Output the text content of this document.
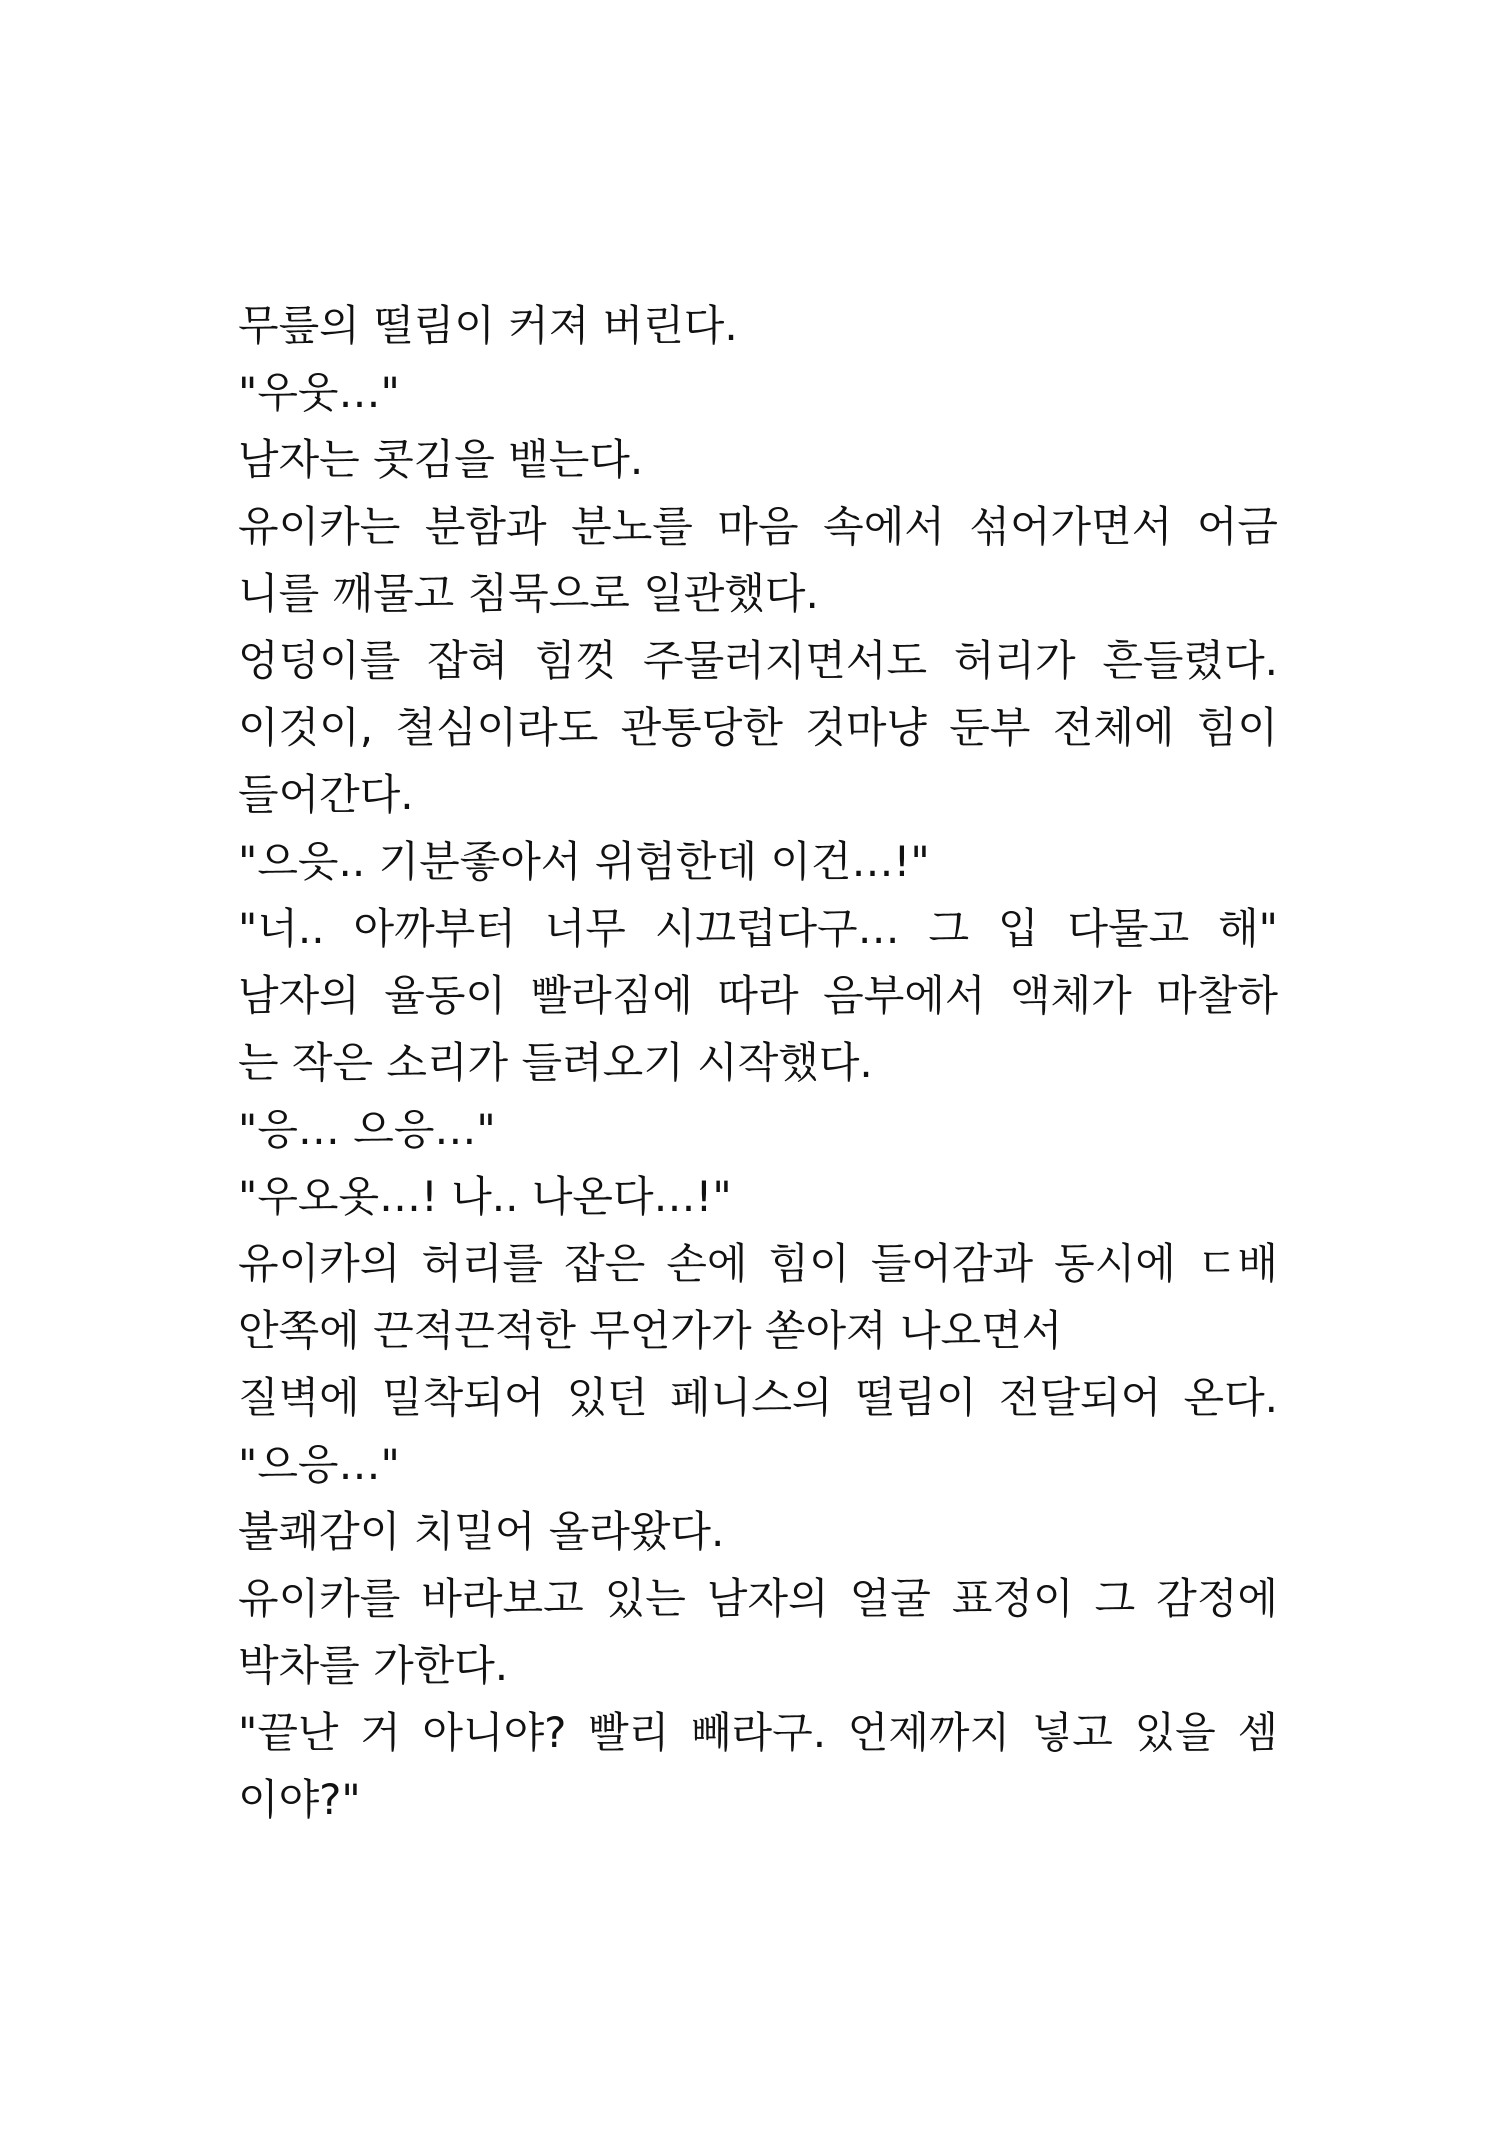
무릎의 떨림이 커져 버린다.
"우웃…"
남자는 콧김을 뱉는다.
유이카는 분함과 분노를 마음 속에서 섞어가면서 어금
니를 깨물고 침묵으로 일관했다.
엉덩이를 잡혀 힘껏 주물러지면서도 허리가 흔들렸다.
이것이, 철심이라도 관통당한 것마냥 둔부 전체에 힘이
들어간다.
"으읏.. 기분좋아서 위험한데 이건…!"
"너.. 아까부터 너무 시끄럽다구… 그 입 다물고 해"
남자의 율동이 빨라짐에 따라 음부에서 액체가 마찰하
는 작은 소리가 들려오기 시작했다.
"응… 으응…"
"우오옷…! 나.. 나온다…!"
유이카의 허리를 잡은 손에 힘이 들어감과 동시에 ㄷ배
안쪽에 끈적끈적한 무언가가 쏟아져 나오면서
질벽에 밀착되어 있던 페니스의 떨림이 전달되어 온다.
"으응…"
불쾌감이 치밀어 올라왔다.
유이카를 바라보고 있는 남자의 얼굴 표정이 그 감정에
박차를 가한다.
"끝난 거 아니야? 빨리 빼라구. 언제까지 넣고 있을 셈
이야?"
